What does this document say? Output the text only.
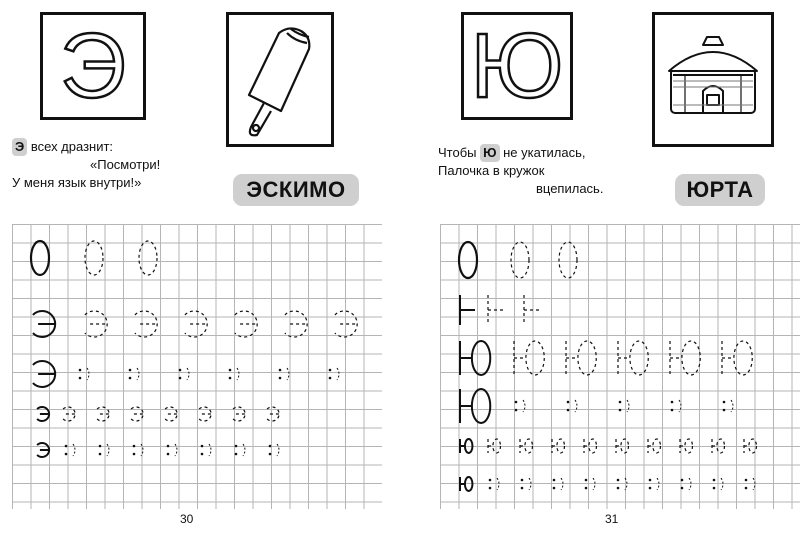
Э
Э всех дразнит:
«Посмотри!
У меня язык внутри!»	ЭСКИМО
30
Ю
Чтобы Ю не укатилась,
Палочка в кружок
вцепилась.	ЮРТА
31
